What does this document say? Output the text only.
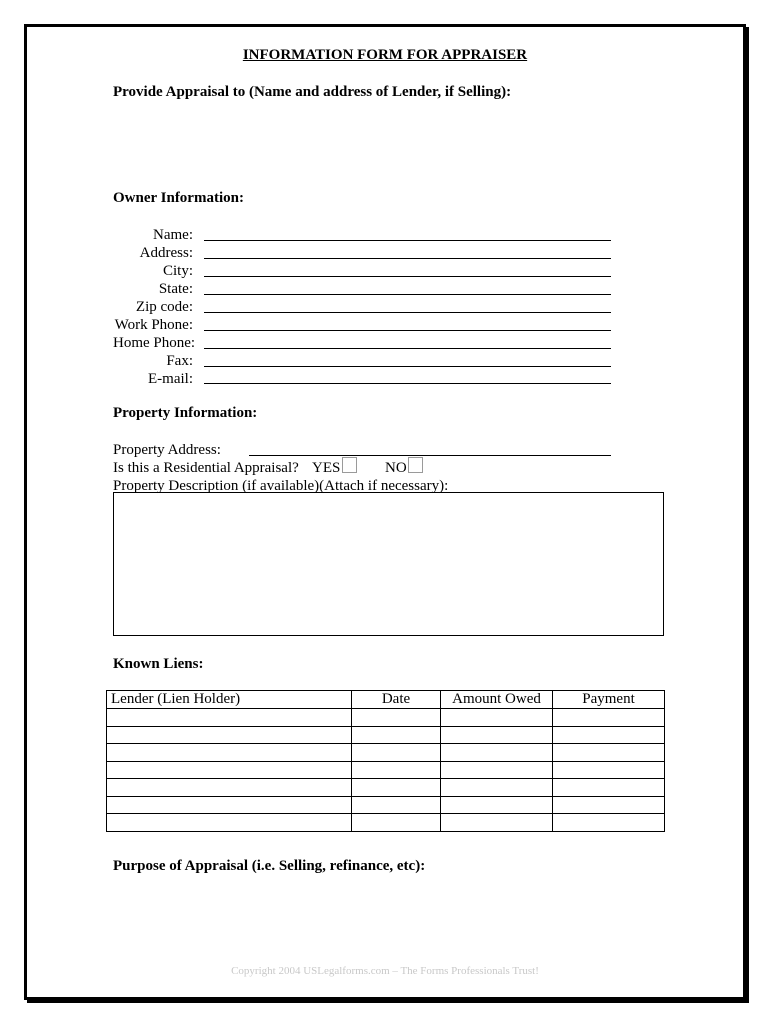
INFORMATION FORM FOR APPRAISER
Provide Appraisal to (Name and address of Lender, if Selling):
Owner Information:
Name:
Address:
City:
State:
Zip code:
Work Phone:
Home Phone:
Fax:
E-mail:
Property Information:
Property Address:
Is this a Residential Appraisal? YES	NO
Property Description (if available)(Attach if necessary):
Known Liens:
Lender (Lien Holder)	Date	Amount Owed	Payment

Purpose of Appraisal (i.e. Selling, refinance, etc):
Copyright 2004 USLegalforms.com – The Forms Professionals Trust!
